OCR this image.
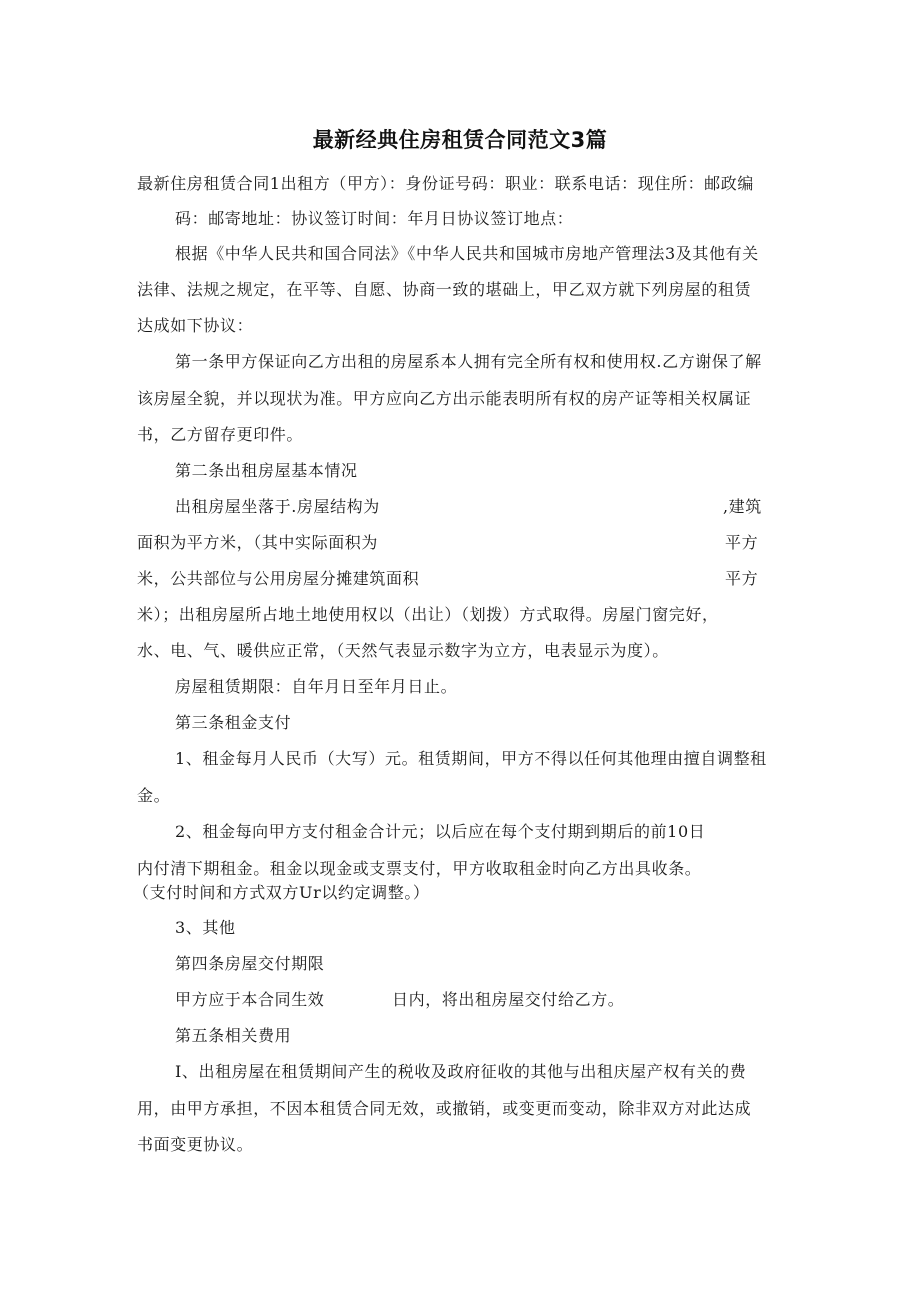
最新经典住房租赁合同范文3篇
最新住房租赁合同1出租方（甲方）：身份证号码：职业：联系电话：现住所：邮政编
码：邮寄地址：协议签订时间：年月日协议签订地点：
根据《中华人民共和国合同法》《中华人民共和国城市房地产管理法3及其他有关
法律、法规之规定，在平等、自愿、协商一致的堪础上，甲乙双方就下列房屋的租赁
达成如下协议：
第一条甲方保证向乙方出租的房屋系本人拥有完全所有权和使用权.乙方谢保了解
该房屋全貌，并以现状为准。甲方应向乙方出示能表明所有权的房产证等相关权属证
书，乙方留存更印件。
第二条出租房屋基本情况
出租房屋坐落于.房屋结构为	,建筑
面积为平方米，（其中实际面积为	平方
米，公共部位与公用房屋分摊建筑面积	平方
米）；出租房屋所占地土地使用权以（出让）（划拨）方式取得。房屋门窗完好，
水、电、气、暖供应正常，（天然气表显示数字为立方，电表显示为度）。
房屋租赁期限：自年月日至年月日止。
第三条租金支付
1、租金每月人民币（大写）元。租赁期间，甲方不得以任何其他理由擅自调整租
金。
2、租金每向甲方支付租金合计元；以后应在每个支付期到期后的前10日
内付清下期租金。租金以现金或支票支付，甲方收取租金时向乙方出具收条。
（支付时间和方式双方Ur以约定调整。）
3、其他
第四条房屋交付期限
甲方应于本合同生效	日内，将出租房屋交付给乙方。
第五条相关费用
I、出租房屋在租赁期间产生的税收及政府征收的其他与出租庆屋产权有关的费
用，由甲方承担，不因本租赁合同无效，或撤销，或变更而变动，除非双方对此达成
书面变更协议。
